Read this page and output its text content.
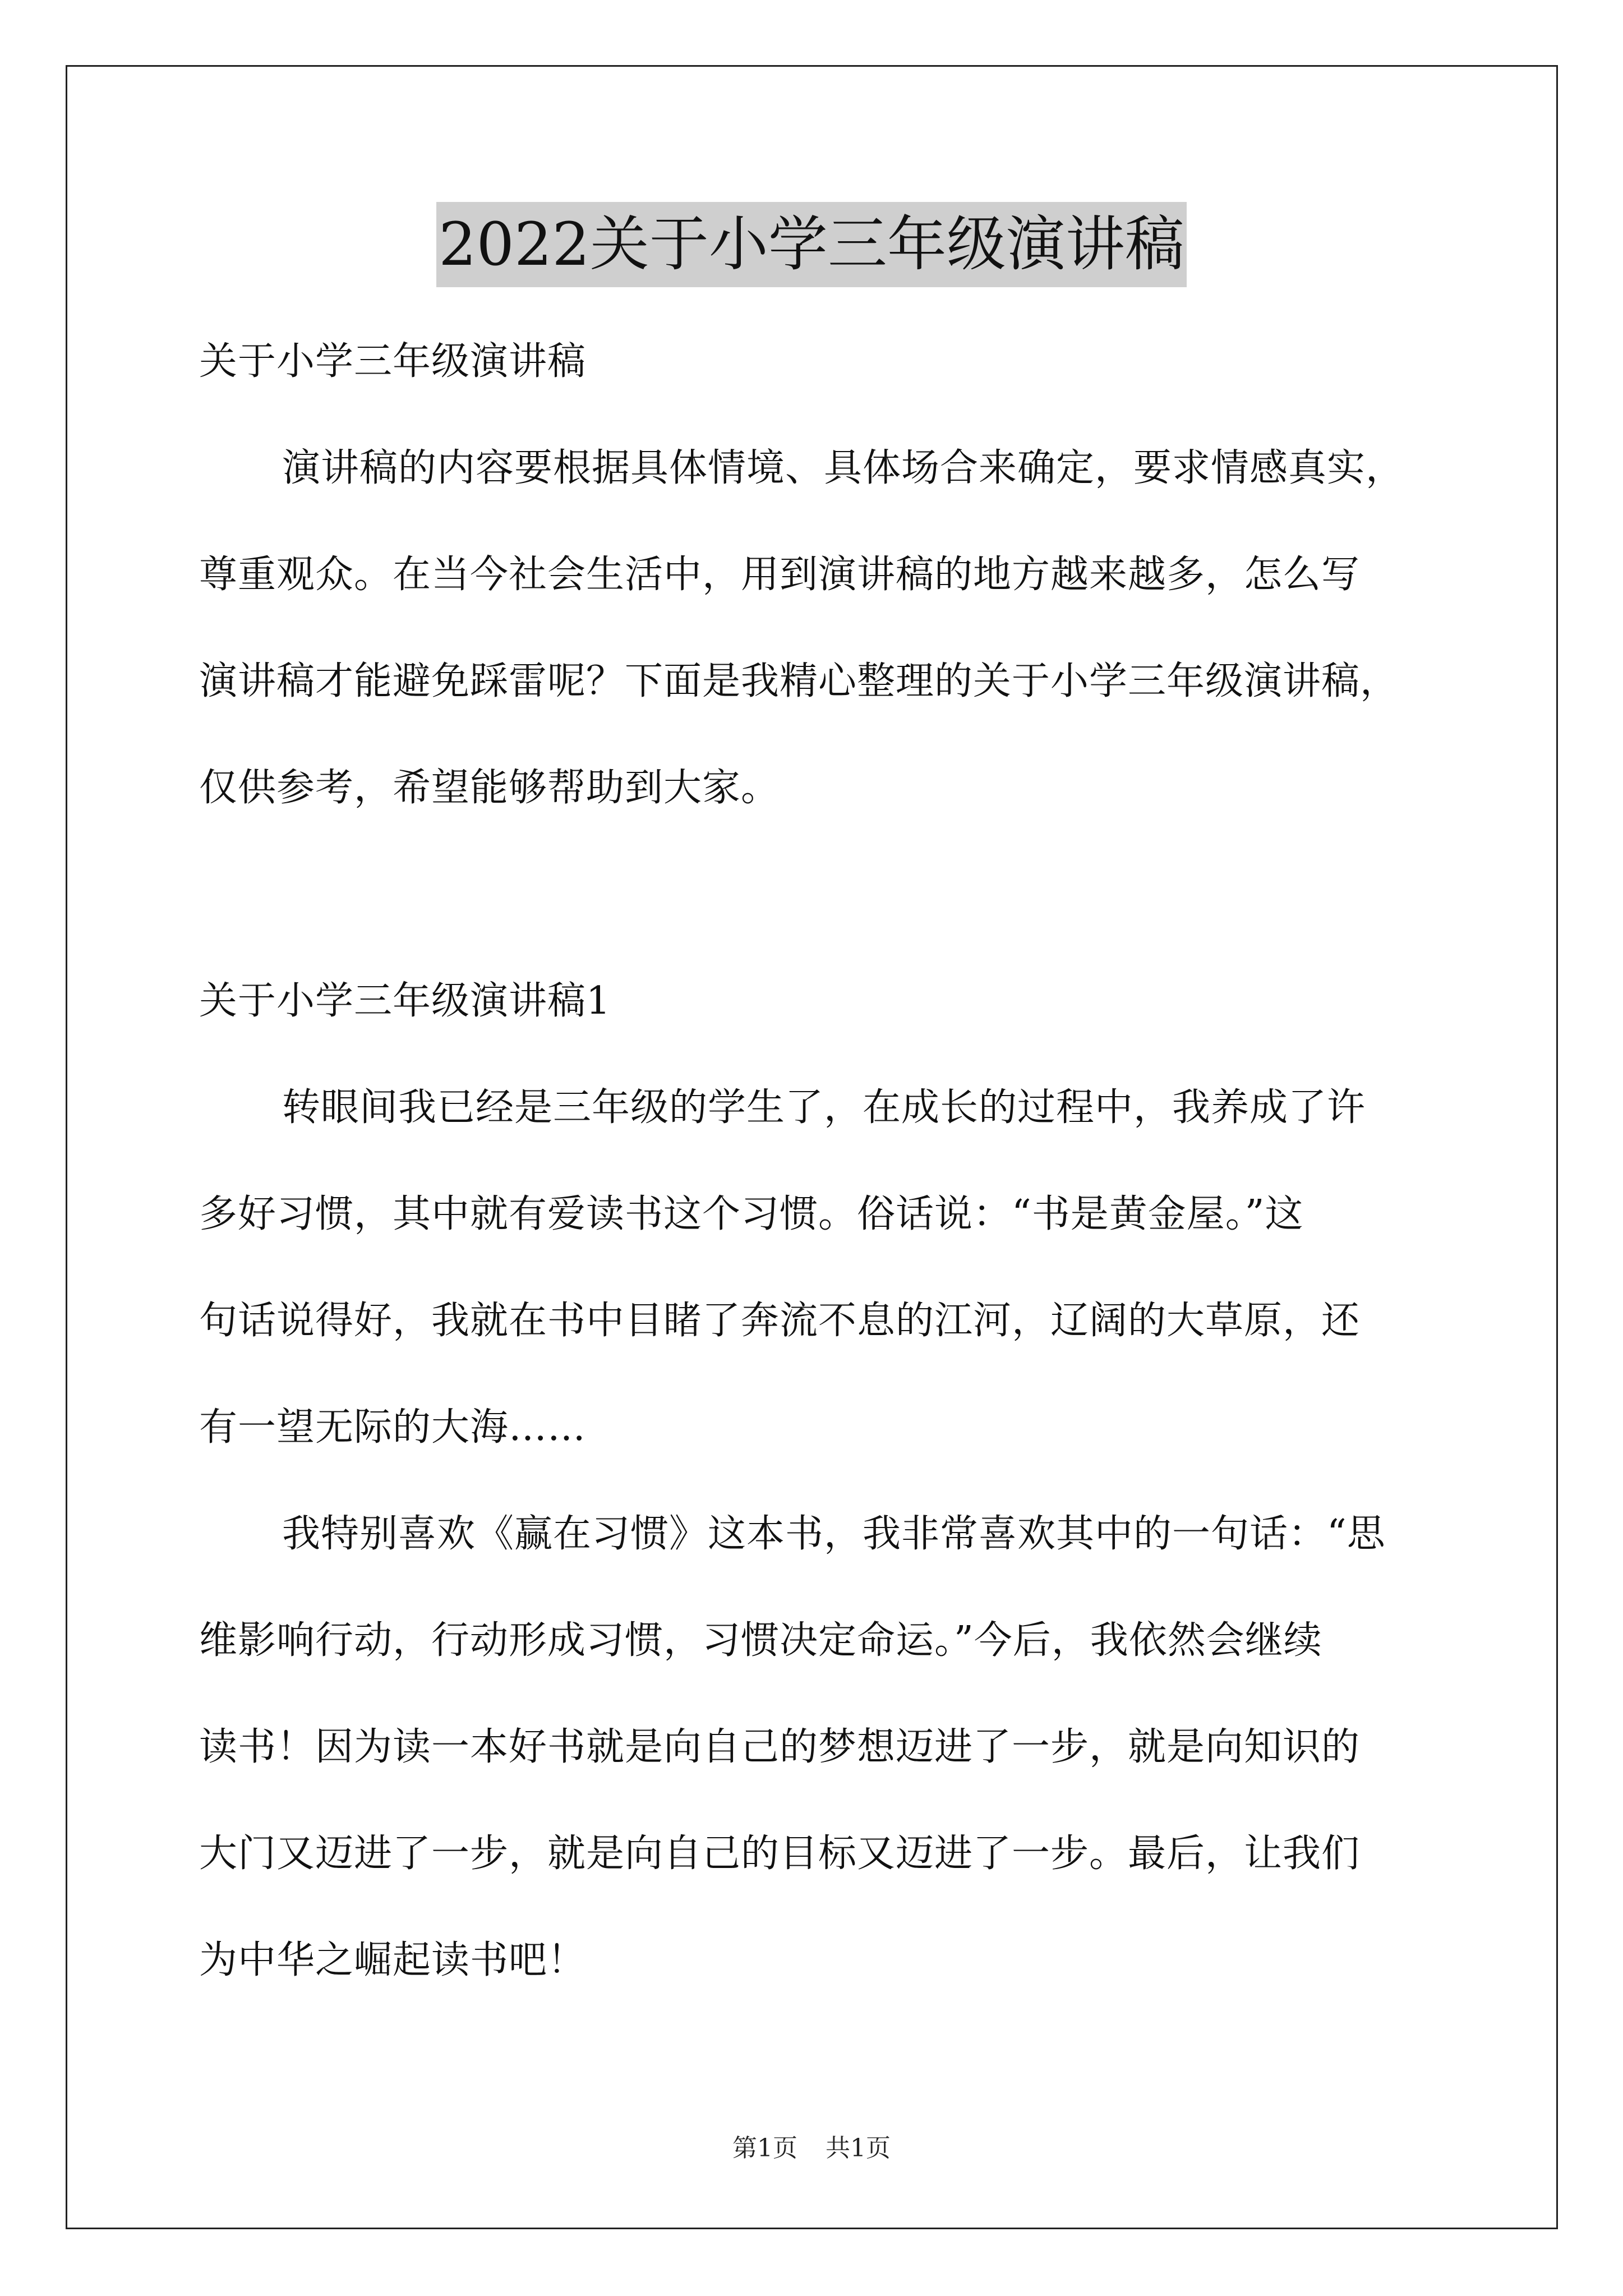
2022关于小学三年级演讲稿

关于小学三年级演讲稿

演讲稿的内容要根据具体情境、具体场合来确定，要求情感真实，

尊重观众。在当今社会生活中，用到演讲稿的地方越来越多，怎么写

演讲稿才能避免踩雷呢？下面是我精心整理的关于小学三年级演讲稿，

仅供参考，希望能够帮助到大家。

关于小学三年级演讲稿1

转眼间我已经是三年级的学生了，在成长的过程中，我养成了许

多好习惯，其中就有爱读书这个习惯。俗话说：“书是黄金屋。”这

句话说得好，我就在书中目睹了奔流不息的江河，辽阔的大草原，还

有一望无际的大海……

我特别喜欢《赢在习惯》这本书，我非常喜欢其中的一句话：“思

维影响行动，行动形成习惯，习惯决定命运。”今后，我依然会继续

读书！因为读一本好书就是向自己的梦想迈进了一步，就是向知识的

大门又迈进了一步，就是向自己的目标又迈进了一步。最后，让我们

为中华之崛起读书吧！

第1页 共1页
